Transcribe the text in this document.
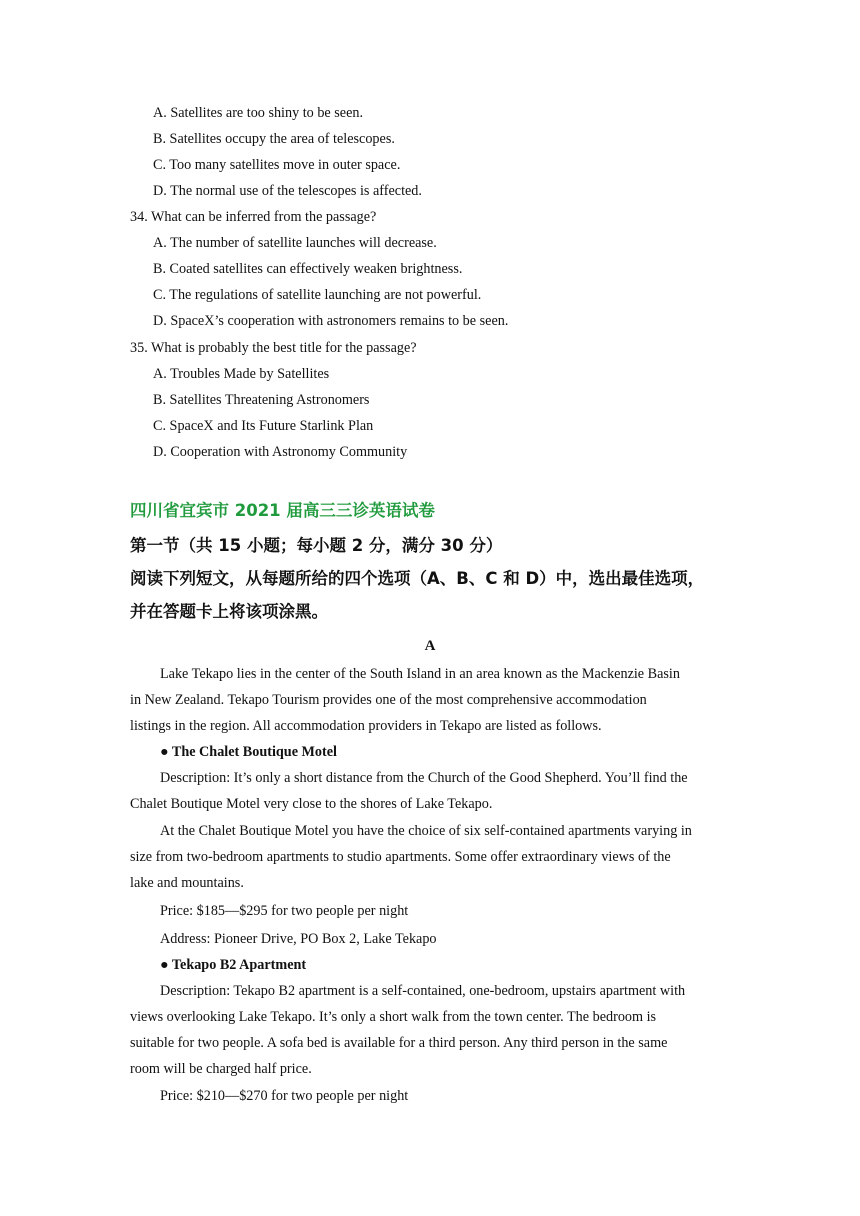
A. Satellites are too shiny to be seen.
B. Satellites occupy the area of telescopes.
C. Too many satellites move in outer space.
D. The normal use of the telescopes is affected.
34. What can be inferred from the passage?
A. The number of satellite launches will decrease.
B. Coated satellites can effectively weaken brightness.
C. The regulations of satellite launching are not powerful.
D. SpaceX’s cooperation with astronomers remains to be seen.
35. What is probably the best title for the passage?
A. Troubles Made by Satellites
B. Satellites Threatening Astronomers
C. SpaceX and Its Future Starlink Plan
D. Cooperation with Astronomy Community
四川省宜宾市 2021 届高三三诊英语试卷
第一节（共 15 小题；每小题 2 分，满分 30 分）
阅读下列短文，从每题所给的四个选项（A、B、C 和 D）中，选出最佳选项，
并在答题卡上将该项涂黑。
A
Lake Tekapo lies in the center of the South Island in an area known as the Mackenzie Basin
in New Zealand. Tekapo Tourism provides one of the most comprehensive accommodation
listings in the region. All accommodation providers in Tekapo are listed as follows.
● The Chalet Boutique Motel
Description: It’s only a short distance from the Church of the Good Shepherd. You’ll find the
Chalet Boutique Motel very close to the shores of Lake Tekapo.
At the Chalet Boutique Motel you have the choice of six self-contained apartments varying in
size from two-bedroom apartments to studio apartments. Some offer extraordinary views of the
lake and mountains.
Price: $185—$295 for two people per night
Address: Pioneer Drive, PO Box 2, Lake Tekapo
● Tekapo B2 Apartment
Description: Tekapo B2 apartment is a self-contained, one-bedroom, upstairs apartment with
views overlooking Lake Tekapo. It’s only a short walk from the town center. The bedroom is
suitable for two people. A sofa bed is available for a third person. Any third person in the same
room will be charged half price.
Price: $210—$270 for two people per night
